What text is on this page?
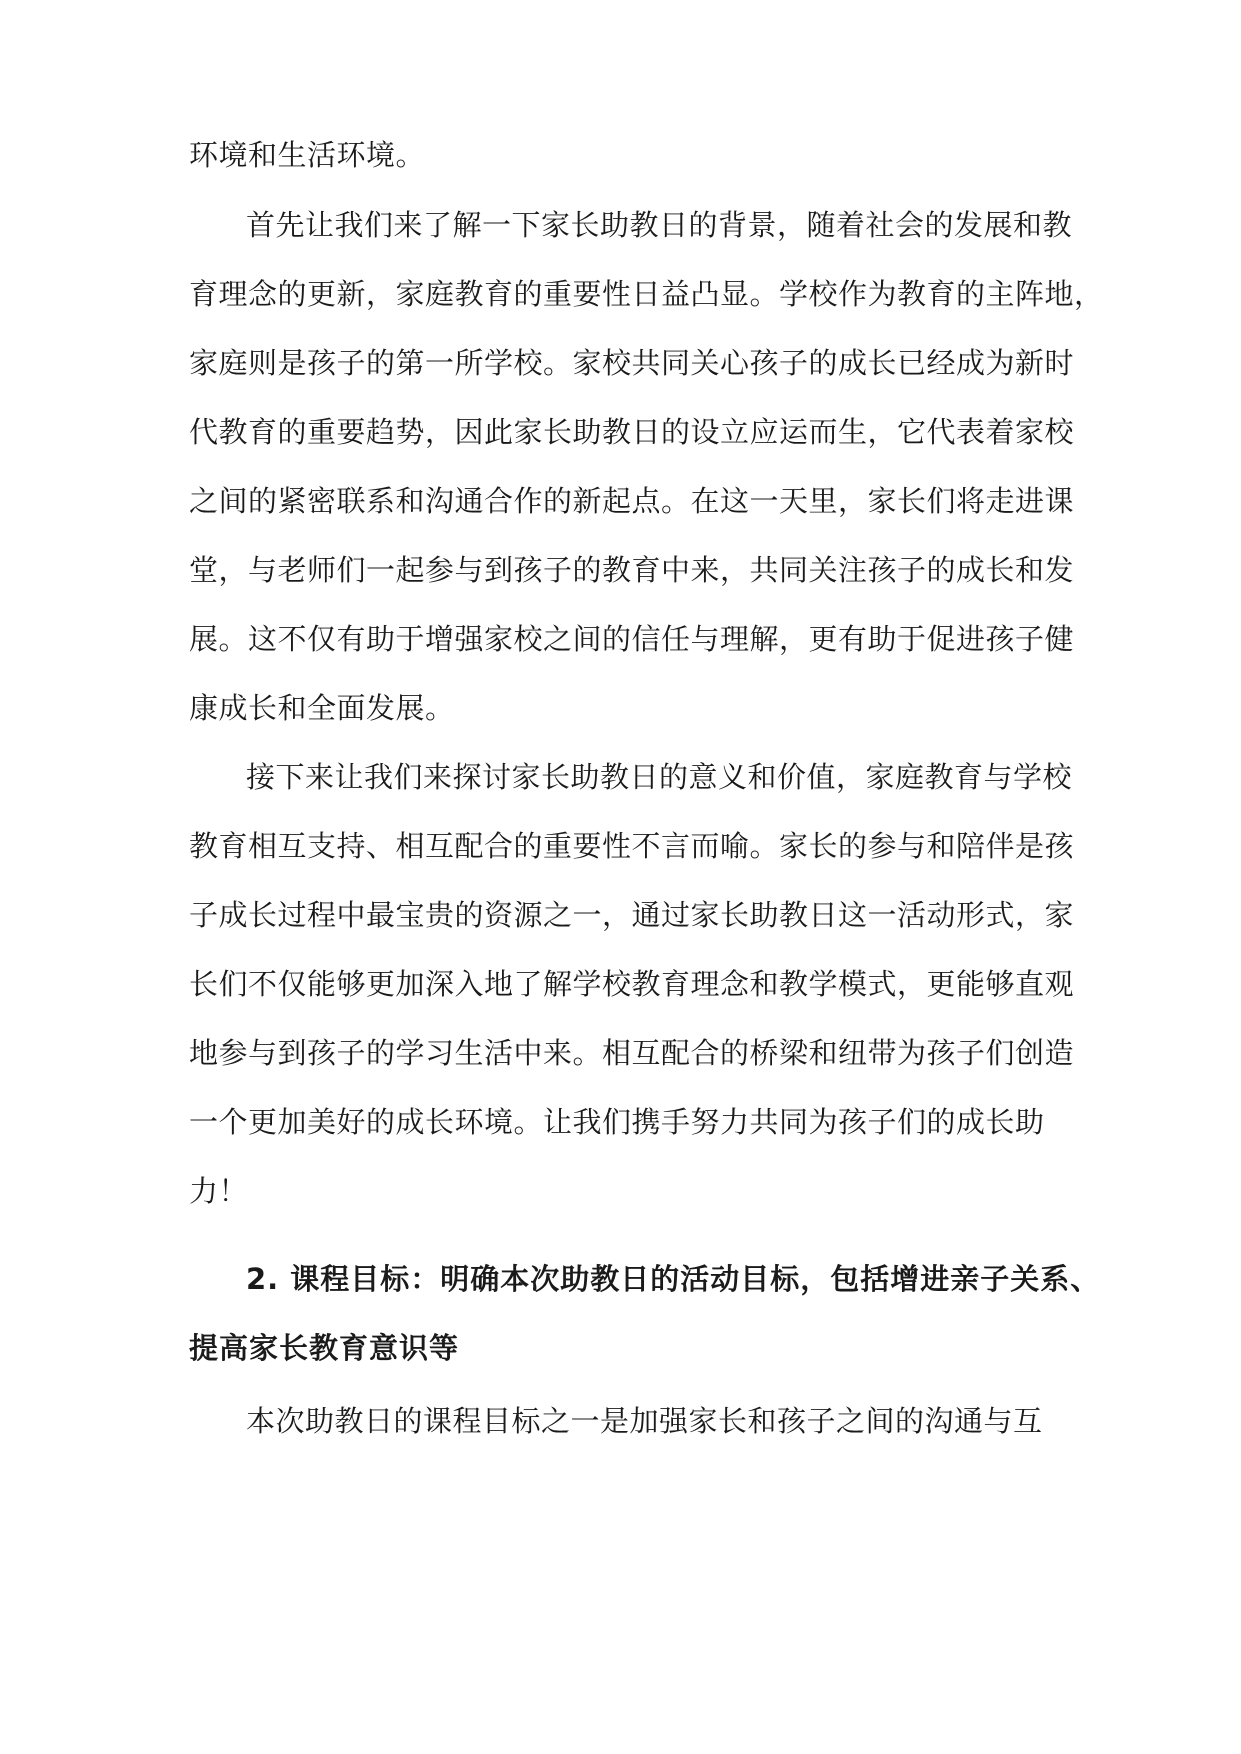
环境和生活环境。
首先让我们来了解一下家长助教日的背景，随着社会的发展和教
育理念的更新，家庭教育的重要性日益凸显。学校作为教育的主阵地，
家庭则是孩子的第一所学校。家校共同关心孩子的成长已经成为新时
代教育的重要趋势，因此家长助教日的设立应运而生，它代表着家校
之间的紧密联系和沟通合作的新起点。在这一天里，家长们将走进课
堂，与老师们一起参与到孩子的教育中来，共同关注孩子的成长和发
展。这不仅有助于增强家校之间的信任与理解，更有助于促进孩子健
康成长和全面发展。
接下来让我们来探讨家长助教日的意义和价值，家庭教育与学校
教育相互支持、相互配合的重要性不言而喻。家长的参与和陪伴是孩
子成长过程中最宝贵的资源之一，通过家长助教日这一活动形式，家
长们不仅能够更加深入地了解学校教育理念和教学模式，更能够直观
地参与到孩子的学习生活中来。相互配合的桥梁和纽带为孩子们创造
一个更加美好的成长环境。让我们携手努力共同为孩子们的成长助
力！
2. 课程目标：明确本次助教日的活动目标，包括增进亲子关系、
提高家长教育意识等
本次助教日的课程目标之一是加强家长和孩子之间的沟通与互
